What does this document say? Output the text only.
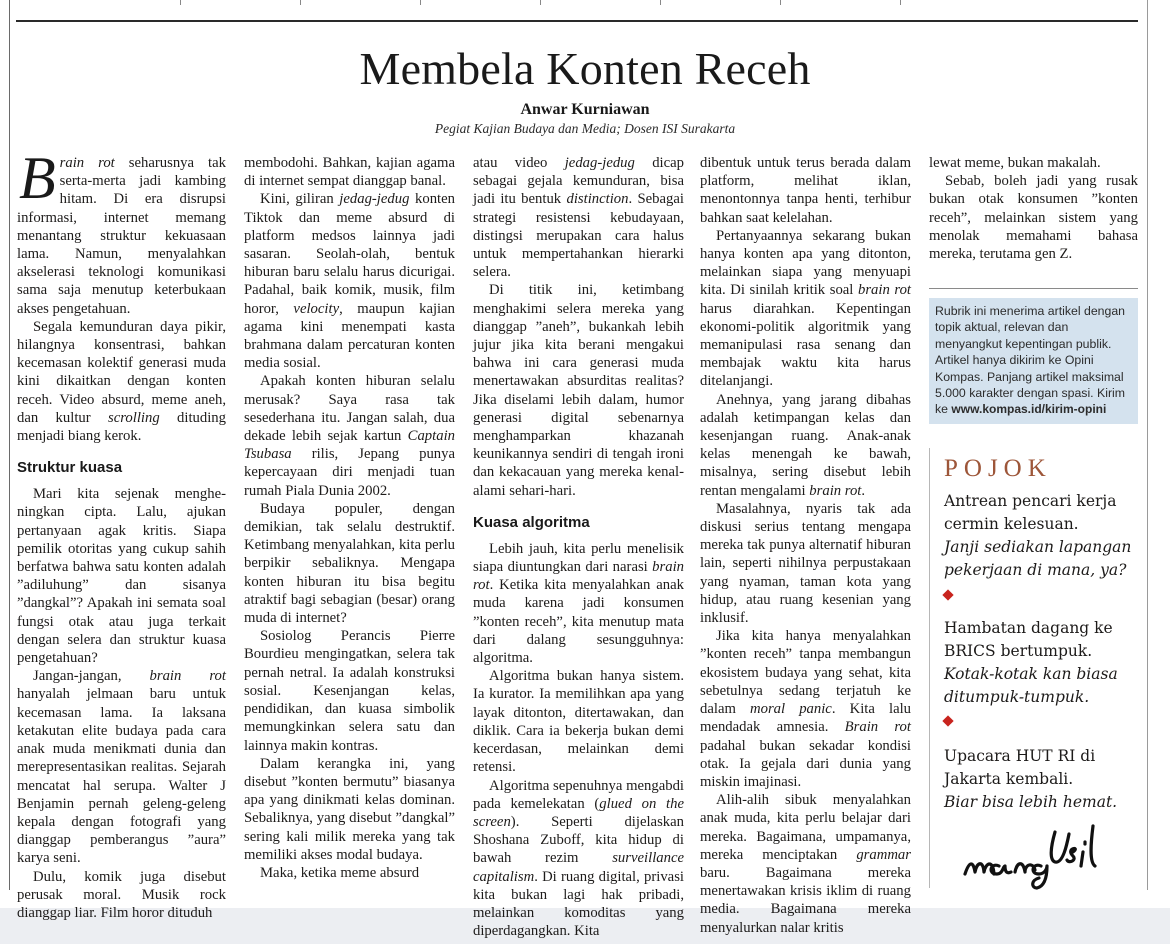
Membela Konten Receh
Anwar Kurniawan
Pegiat Kajian Budaya dan Media; Dosen ISI Surakarta

Brain rot seharusnya tak serta-merta jadi kambing hitam. Di era disrupsi informasi, internet memang menantang struktur kekuasaan lama. Namun, menyalahkan akselerasi teknologi komunikasi sama saja menutup keterbukaan akses pengetahuan.

Segala kemunduran daya pikir, hilangnya konsentrasi, bahkan kecemasan kolektif generasi muda kini dikaitkan dengan konten receh. Video absurd, meme aneh, dan kultur scrolling dituding menjadi biang kerok.

Struktur kuasa

Mari kita sejenak mengheningkan cipta. Lalu, ajukan pertanyaan agak kritis. Siapa pemilik otoritas yang cukup sahih berfatwa bahwa satu konten adalah ”adiluhung” dan sisanya ”dangkal”? Apakah ini semata soal fungsi otak atau juga terkait dengan selera dan struktur kuasa pengetahuan?

Jangan-jangan, brain rot hanyalah jelmaan baru untuk kecemasan lama. Ia laksana ketakutan elite budaya pada cara anak muda menikmati dunia dan merepresentasikan realitas. Sejarah mencatat hal serupa. Walter J Benjamin pernah geleng-geleng kepala dengan fotografi yang dianggap pemberangus ”aura” karya seni.

Dulu, komik juga disebut perusak moral. Musik rock dianggap liar. Film horor dituduh

membodohi. Bahkan, kajian agama di internet sempat dianggap banal.

Kini, giliran jedag-jedug konten Tiktok dan meme absurd di platform medsos lainnya jadi sasaran. Seolah-olah, bentuk hiburan baru selalu harus dicurigai. Padahal, baik komik, musik, film horor, velocity, maupun kajian agama kini menempati kasta brahmana dalam percaturan konten media sosial.

Apakah konten hiburan selalu merusak? Saya rasa tak sesederhana itu. Jangan salah, dua dekade lebih sejak kartun Captain Tsubasa rilis, Jepang punya kepercayaan diri menjadi tuan rumah Piala Dunia 2002.

Budaya populer, dengan demikian, tak selalu destruktif. Ketimbang menyalahkan, kita perlu berpikir sebaliknya. Mengapa konten hiburan itu bisa begitu atraktif bagi sebagian (besar) orang muda di internet?

Sosiolog Perancis Pierre Bourdieu mengingatkan, selera tak pernah netral. Ia adalah konstruksi sosial. Kesenjangan kelas, pendidikan, dan kuasa simbolik memungkinkan selera satu dan lainnya makin kontras.

Dalam kerangka ini, yang disebut ”konten bermutu” biasanya apa yang dinikmati kelas dominan. Sebaliknya, yang disebut ”dangkal” sering kali milik mereka yang tak memiliki akses modal budaya.

Maka, ketika meme absurd

atau video jedag-jedug dicap sebagai gejala kemunduran, bisa jadi itu bentuk distinction. Sebagai strategi resistensi kebudayaan, distingsi merupakan cara halus untuk mempertahankan hierarki selera.

Di titik ini, ketimbang menghakimi selera mereka yang dianggap ”aneh”, bukankah lebih jujur jika kita berani mengakui bahwa ini cara generasi muda menertawakan absurditas realitas? Jika diselami lebih dalam, humor generasi digital sebenarnya menghamparkan khazanah keunikannya sendiri di tengah ironi dan kekacauan yang mereka kenal-alami sehari-hari.

Kuasa algoritma

Lebih jauh, kita perlu menelisik siapa diuntungkan dari narasi brain rot. Ketika kita menyalahkan anak muda karena jadi konsumen ”konten receh”, kita menutup mata dari dalang sesungguhnya: algoritma.

Algoritma bukan hanya sistem. Ia kurator. Ia memilihkan apa yang layak ditonton, ditertawakan, dan diklik. Cara ia bekerja bukan demi kecerdasan, melainkan demi retensi.

Algoritma sepenuhnya mengabdi pada kemelekatan (glued on the screen). Seperti dijelaskan Shoshana Zuboff, kita hidup di bawah rezim surveillance capitalism. Di ruang digital, privasi kita bukan lagi hak pribadi, melainkan komoditas yang diperdagangkan. Kita

dibentuk untuk terus berada dalam platform, melihat iklan, menontonnya tanpa henti, terhibur bahkan saat kelelahan.

Pertanyaannya sekarang bukan hanya konten apa yang ditonton, melainkan siapa yang menyuapi kita. Di sinilah kritik soal brain rot harus diarahkan. Kepentingan ekonomi-politik algoritmik yang memanipulasi rasa senang dan membajak waktu kita harus ditelanjangi.

Anehnya, yang jarang dibahas adalah ketimpangan kelas dan kesenjangan ruang. Anak-anak kelas menengah ke bawah, misalnya, sering disebut lebih rentan mengalami brain rot.

Masalahnya, nyaris tak ada diskusi serius tentang mengapa mereka tak punya alternatif hiburan lain, seperti nihilnya perpustakaan yang nyaman, taman kota yang hidup, atau ruang kesenian yang inklusif.

Jika kita hanya menyalahkan ”konten receh” tanpa membangun ekosistem budaya yang sehat, kita sebetulnya sedang terjatuh ke dalam moral panic. Kita lalu mendadak amnesia. Brain rot padahal bukan sekadar kondisi otak. Ia gejala dari dunia yang miskin imajinasi.

Alih-alih sibuk menyalahkan anak muda, kita perlu belajar dari mereka. Bagaimana, umpamanya, mereka menciptakan grammar baru. Bagaimana mereka menertawakan krisis iklim di ruang media. Bagaimana mereka menyalurkan nalar kritis

lewat meme, bukan makalah.

Sebab, boleh jadi yang rusak bukan otak konsumen ”konten receh”, melainkan sistem yang menolak memahami bahasa mereka, terutama gen Z.

Rubrik ini menerima artikel dengan topik aktual, relevan dan menyangkut kepentingan publik. Artikel hanya dikirim ke Opini Kompas. Panjang artikel maksimal 5.000 karakter dengan spasi. Kirim ke www.kompas.id/kirim-opini
POJOK
Antrean pencari kerja cermin kelesuan.
Janji sediakan lapangan pekerjaan di mana, ya?
Hambatan dagang ke BRICS bertumpuk.
Kotak-kotak kan biasa ditumpuk-tumpuk.
Upacara HUT RI di Jakarta kembali.
Biar bisa lebih hemat.
